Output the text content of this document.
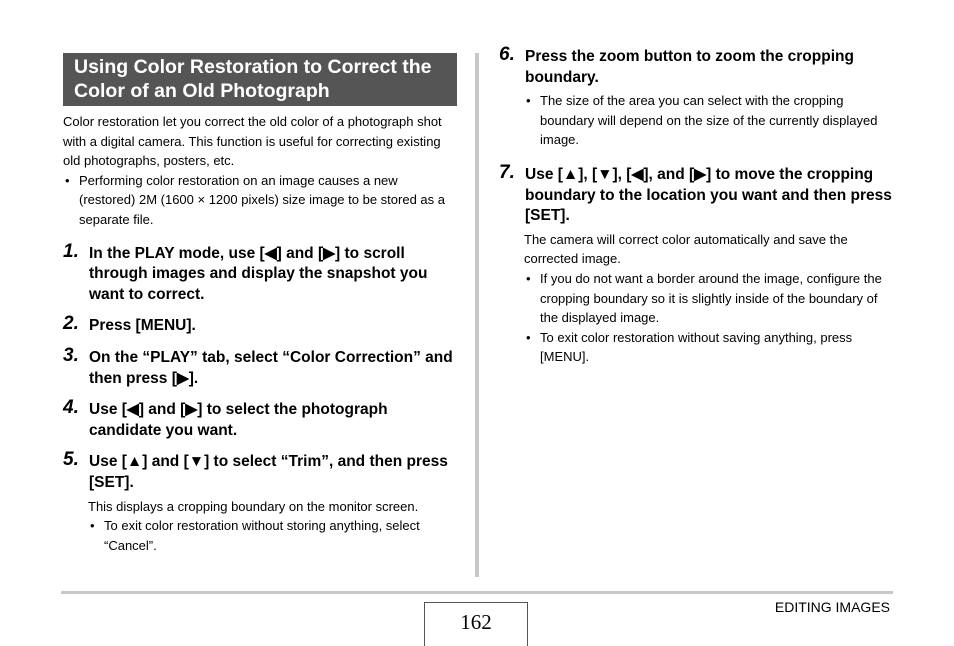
Using Color Restoration to Correct the Color of an Old Photograph

Color restoration let you correct the old color of a photograph shot with a digital camera. This function is useful for correcting existing old photographs, posters, etc.

• Performing color restoration on an image causes a new (restored) 2M (1600 × 1200 pixels) size image to be stored as a separate file.
1. In the PLAY mode, use [◀] and [▶] to scroll through images and display the snapshot you want to correct.

2. Press [MENU].

3. On the “PLAY” tab, select “Color Correction” and then press [▶].

4. Use [◀] and [▶] to select the photograph candidate you want.

5. Use [▲] and [▼] to select “Trim”, and then press [SET].

This displays a cropping boundary on the monitor screen.

• To exit color restoration without storing anything, select “Cancel”.
6. Press the zoom button to zoom the cropping boundary.

• The size of the area you can select with the cropping boundary will depend on the size of the currently displayed image.
7. Use [▲], [▼], [◀], and [▶] to move the cropping boundary to the location you want and then press [SET].

The camera will correct color automatically and save the corrected image.

• If you do not want a border around the image, configure the cropping boundary so it is slightly inside of the boundary of the displayed image.
• To exit color restoration without saving anything, press [MENU].
162
EDITING IMAGES
